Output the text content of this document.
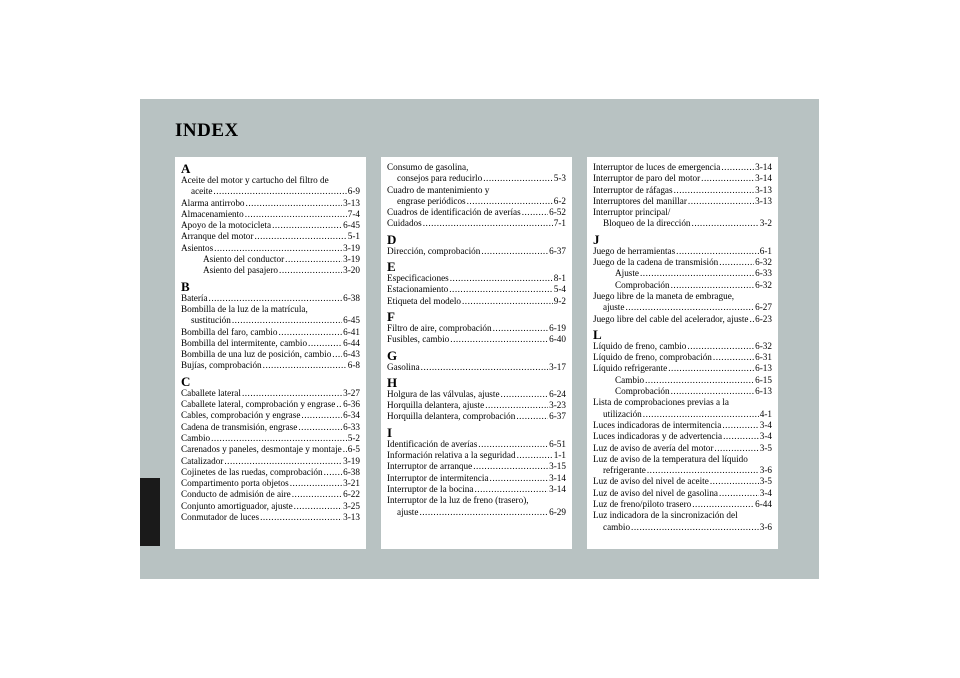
INDEX
A
Aceite del motor y cartucho del filtro de
aceite .....	6-9
Alarma antirrobo .....	3-13
Almacenamiento .....	7-4
Apoyo de la motocicleta .....	6-45
Arranque del motor .....	5-1
Asientos .....	3-19
Asiento del conductor .....	3-19
Asiento del pasajero .....	3-20
B
Batería .....	6-38
Bombilla de la luz de la matrícula,
sustitución .....	6-45
Bombilla del faro, cambio .....	6-41
Bombilla del intermitente, cambio .....	6-44
Bombilla de una luz de posición, cambio ..... 6-43
Bujías, comprobación .....	6-8
C
Caballete lateral .....	3-27
Caballete lateral, comprobación y engrase ..... 6-36
Cables, comprobación y engrase .....	6-34
Cadena de transmisión, engrase .....	6-33
Cambio .....	5-2
Carenados y paneles, desmontaje y montaje ..... 6-5
Catalizador .....	3-19
Cojinetes de las ruedas, comprobación ..... 6-38
Compartimento porta objetos .....	3-21
Conducto de admisión de aire .....	6-22
Conjunto amortiguador, ajuste .....	3-25
Conmutador de luces .....	3-13
Consumo de gasolina,
consejos para reducirlo .....	5-3
Cuadro de mantenimiento y
engrase periódicos .....	6-2
Cuadros de identificación de averías .....	6-52
Cuidados .....	7-1
D
Dirección, comprobación .....	6-37
E
Especificaciones .....	8-1
Estacionamiento .....	5-4
Etiqueta del modelo .....	9-2
F
Filtro de aire, comprobación .....	6-19
Fusibles, cambio .....	6-40
G
Gasolina .....	3-17
H
Holgura de las válvulas, ajuste .....	6-24
Horquilla delantera, ajuste .....	3-23
Horquilla delantera, comprobación .....	6-37
I
Identificación de averías .....	6-51
Información relativa a la seguridad .....	1-1
Interruptor de arranque .....	3-15
Interruptor de intermitencia .....	3-14
Interruptor de la bocina .....	3-14
Interruptor de la luz de freno (trasero),
ajuste .....	6-29
Interruptor de luces de emergencia .....	3-14
Interruptor de paro del motor .....	3-14
Interruptor de ráfagas .....	3-13
Interruptores del manillar .....	3-13
Interruptor principal/
Bloqueo de la dirección .....	3-2
J
Juego de herramientas .....	6-1
Juego de la cadena de transmisión .....	6-32
Ajuste .....	6-33
Comprobación .....	6-32
Juego libre de la maneta de embrague,
ajuste .....	6-27
Juego libre del cable del acelerador, ajuste ..... 6-23
L
Líquido de freno, cambio .....	6-32
Líquido de freno, comprobación .....	6-31
Líquido refrigerante .....	6-13
Cambio .....	6-15
Comprobación .....	6-13
Lista de comprobaciones previas a la
utilización .....	4-1
Luces indicadoras de intermitencia .....	3-4
Luces indicadoras y de advertencia .....	3-4
Luz de aviso de avería del motor .....	3-5
Luz de aviso de la temperatura del líquido
refrigerante .....	3-6
Luz de aviso del nivel de aceite .....	3-5
Luz de aviso del nivel de gasolina .....	3-4
Luz de freno/piloto trasero .....	6-44
Luz indicadora de la sincronización del
cambio .....	3-6
